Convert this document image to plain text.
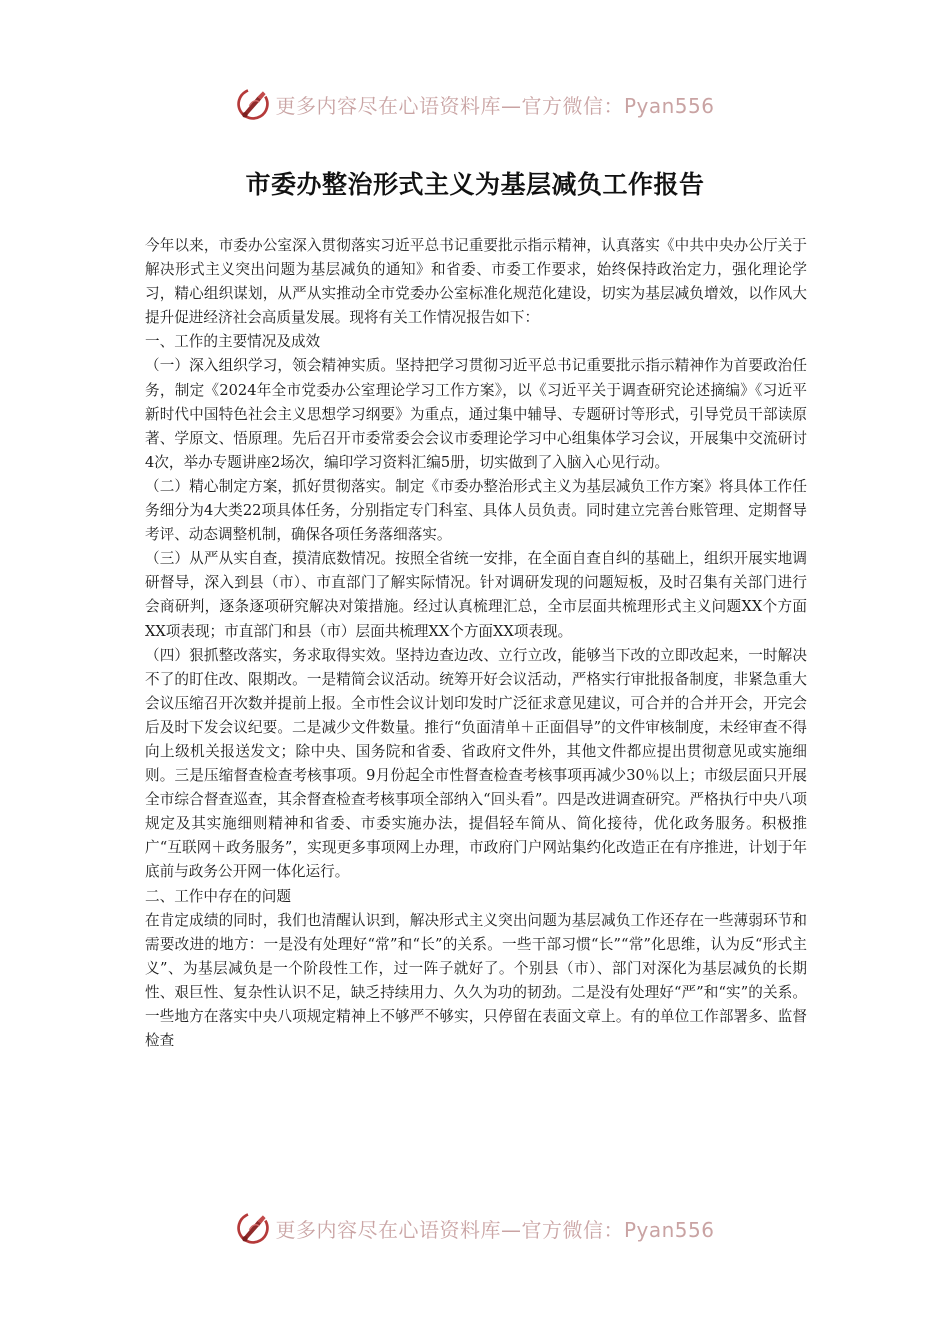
更多内容尽在心语资料库—官方微信：Pyan556
市委办整治形式主义为基层减负工作报告

今年以来，市委办公室深入贯彻落实习近平总书记重要批示指示精神，认真落实《中共中央办公厅关于解决形式主义突出问题为基层减负的通知》和省委、市委工作要求，始终保持政治定力，强化理论学习，精心组织谋划，从严从实推动全市党委办公室标准化规范化建设，切实为基层减负增效，以作风大提升促进经济社会高质量发展。现将有关工作情况报告如下：

一、工作的主要情况及成效

（一）深入组织学习，领会精神实质。坚持把学习贯彻习近平总书记重要批示指示精神作为首要政治任务，制定《2024年全市党委办公室理论学习工作方案》，以《习近平关于调查研究论述摘编》《习近平新时代中国特色社会主义思想学习纲要》为重点，通过集中辅导、专题研讨等形式，引导党员干部读原著、学原文、悟原理。先后召开市委常委会会议市委理论学习中心组集体学习会议，开展集中交流研讨4次，举办专题讲座2场次，编印学习资料汇编5册，切实做到了入脑入心见行动。

（二）精心制定方案，抓好贯彻落实。制定《市委办整治形式主义为基层减负工作方案》将具体工作任务细分为4大类22项具体任务，分别指定专门科室、具体人员负责。同时建立完善台账管理、定期督导考评、动态调整机制，确保各项任务落细落实。

（三）从严从实自查，摸清底数情况。按照全省统一安排，在全面自查自纠的基础上，组织开展实地调研督导，深入到县（市）、市直部门了解实际情况。针对调研发现的问题短板，及时召集有关部门进行会商研判，逐条逐项研究解决对策措施。经过认真梳理汇总，全市层面共梳理形式主义问题XX个方面XX项表现；市直部门和县（市）层面共梳理XX个方面XX项表现。

（四）狠抓整改落实，务求取得实效。坚持边查边改、立行立改，能够当下改的立即改起来，一时解决不了的盯住改、限期改。一是精简会议活动。统筹开好会议活动，严格实行审批报备制度，非紧急重大会议压缩召开次数并提前上报。全市性会议计划印发时广泛征求意见建议，可合并的合并开会，开完会后及时下发会议纪要。二是减少文件数量。推行“负面清单＋正面倡导”的文件审核制度，未经审查不得向上级机关报送发文；除中央、国务院和省委、省政府文件外，其他文件都应提出贯彻意见或实施细则。三是压缩督查检查考核事项。9月份起全市性督查检查考核事项再减少30％以上；市级层面只开展全市综合督查巡查，其余督查检查考核事项全部纳入“回头看”。四是改进调查研究。严格执行中央八项规定及其实施细则精神和省委、市委实施办法，提倡轻车简从、简化接待，优化政务服务。积极推广“互联网＋政务服务”，实现更多事项网上办理，市政府门户网站集约化改造正在有序推进，计划于年底前与政务公开网一体化运行。

二、工作中存在的问题

在肯定成绩的同时，我们也清醒认识到，解决形式主义突出问题为基层减负工作还存在一些薄弱环节和需要改进的地方：一是没有处理好“常”和“长”的关系。一些干部习惯“长”“常”化思维，认为反“形式主义”、为基层减负是一个阶段性工作，过一阵子就好了。个别县（市）、部门对深化为基层减负的长期性、艰巨性、复杂性认识不足，缺乏持续用力、久久为功的韧劲。二是没有处理好“严”和“实”的关系。一些地方在落实中央八项规定精神上不够严不够实，只停留在表面文章上。有的单位工作部署多、监督检查

更多内容尽在心语资料库—官方微信：Pyan556
